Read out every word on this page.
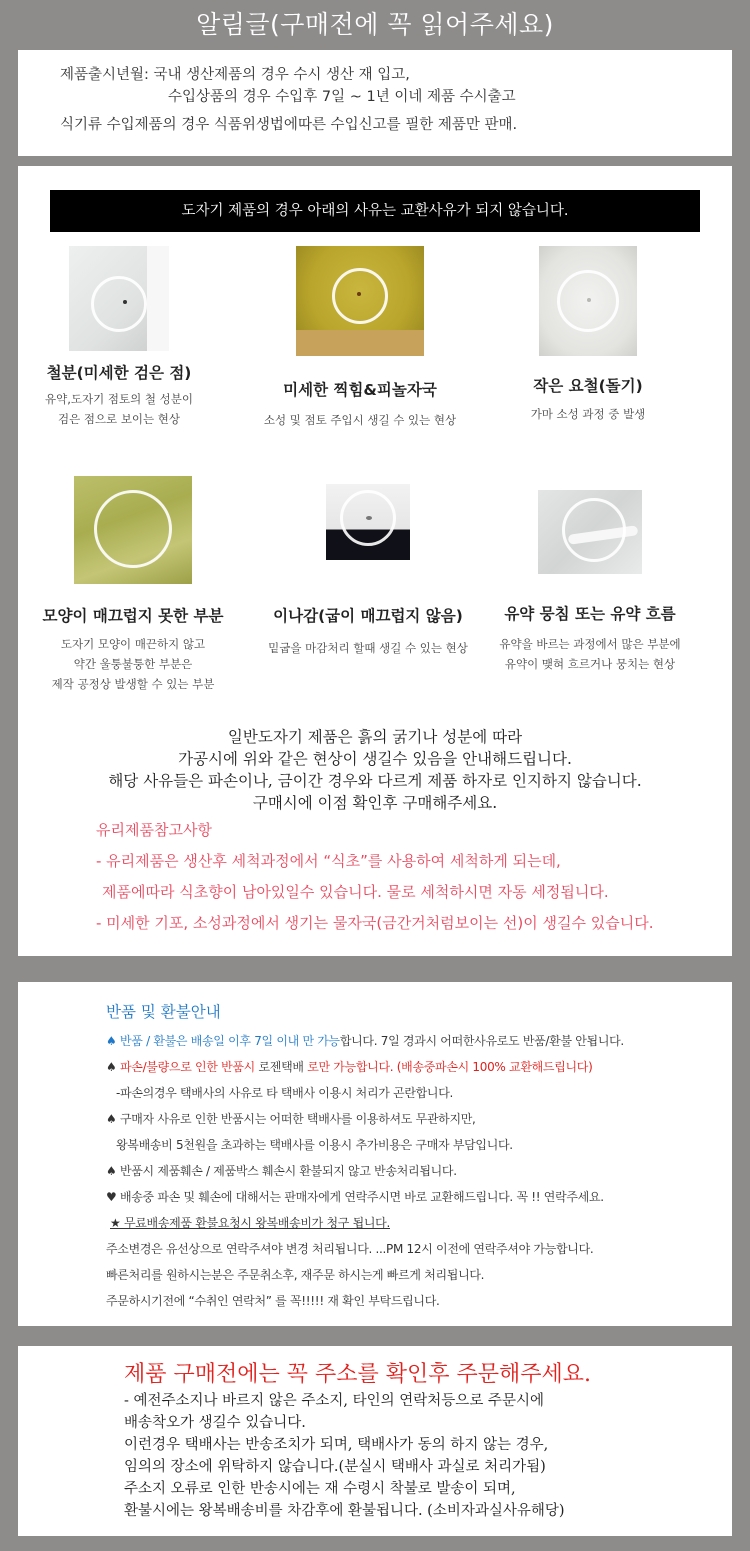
알림글(구매전에 꼭 읽어주세요)
제품출시년월: 국내 생산제품의 경우 수시 생산 재 입고,
수입상품의 경우 수입후 7일 ~ 1년 이네 제품 수시출고
식기류 수입제품의 경우 식품위생법에따른 수입신고를 필한 제품만 판매.
도자기 제품의 경우 아래의 사유는 교환사유가 되지 않습니다.
철분(미세한 검은 점)
유약,도자기 점토의 철 성분이
검은 점으로 보이는 현상
미세한 찍힘&피놀자국
소성 및 점토 주입시 생길 수 있는 현상
작은 요철(돌기)
가마 소성 과정 중 발생
모양이 매끄럽지 못한 부분
도자기 모양이 매끈하지 않고
약간 울퉁불퉁한 부분은
제작 공정상 발생할 수 있는 부분
이나감(굽이 매끄럽지 않음)
밑굽을 마감처리 할때 생길 수 있는 현상
유약 뭉침 또는 유약 흐름
유약을 바르는 과정에서 많은 부분에
유약이 맺혀 흐르거나 뭉치는 현상
일반도자기 제품은 흙의 굵기나 성분에 따라
가공시에 위와 같은 현상이 생길수 있음을 안내해드립니다.
해당 사유들은 파손이나, 금이간 경우와 다르게 제품 하자로 인지하지 않습니다.
구매시에 이점 확인후 구매해주세요.
유리제품참고사항
- 유리제품은 생산후 세척과정에서 “식초”를 사용하여 세척하게 되는데,
제품에따라 식초향이 남아있일수 있습니다. 물로 세척하시면 자동 세정됩니다.
- 미세한 기포, 소성과정에서 생기는 물자국(금간거처럼보이는 선)이 생길수 있습니다.
반품 및 환불안내
♠ 반품 / 환불은 배송일 이후 7일 이내 만 가능합니다. 7일 경과시 어떠한사유로도 반품/환불 안됩니다.
♠ 파손/불량으로 인한 반품시 로젠택배 로만 가능합니다. (배송중파손시 100% 교환해드립니다)
-파손의경우 택배사의 사유로 타 택배사 이용시 처리가 곤란합니다.
♠ 구매자 사유로 인한 반품시는 어떠한 택배사를 이용하셔도 무관하지만,
왕복배송비 5천원을 초과하는 택배사를 이용시 추가비용은 구매자 부담입니다.
♠ 반품시 제품훼손 / 제품박스 훼손시 환불되지 않고 반송처리됩니다.
♥ 배송중 파손 및 훼손에 대해서는 판매자에게 연락주시면 바로 교환해드립니다. 꼭 !! 연락주세요.
★ 무료배송제품 환불요청시 왕복배송비가 청구 됩니다.
주소변경은 유선상으로 연락주셔야 변경 처리됩니다. ...PM 12시 이전에 연락주셔야 가능합니다.
빠른처리를 원하시는분은 주문취소후, 재주문 하시는게 빠르게 처리됩니다.
주문하시기전에 “수취인 연락처” 를 꼭!!!!! 재 확인 부탁드립니다.
제품 구매전에는 꼭 주소를 확인후 주문해주세요.
- 예전주소지나 바르지 않은 주소지, 타인의 연락처등으로 주문시에
배송착오가 생길수 있습니다.
이런경우 택배사는 반송조치가 되며, 택배사가 동의 하지 않는 경우,
임의의 장소에 위탁하지 않습니다.(분실시 택배사 과실로 처리가됨)
주소지 오류로 인한 반송시에는 재 수령시 착불로 발송이 되며,
환불시에는 왕복배송비를 차감후에 환불됩니다. (소비자과실사유해당)
